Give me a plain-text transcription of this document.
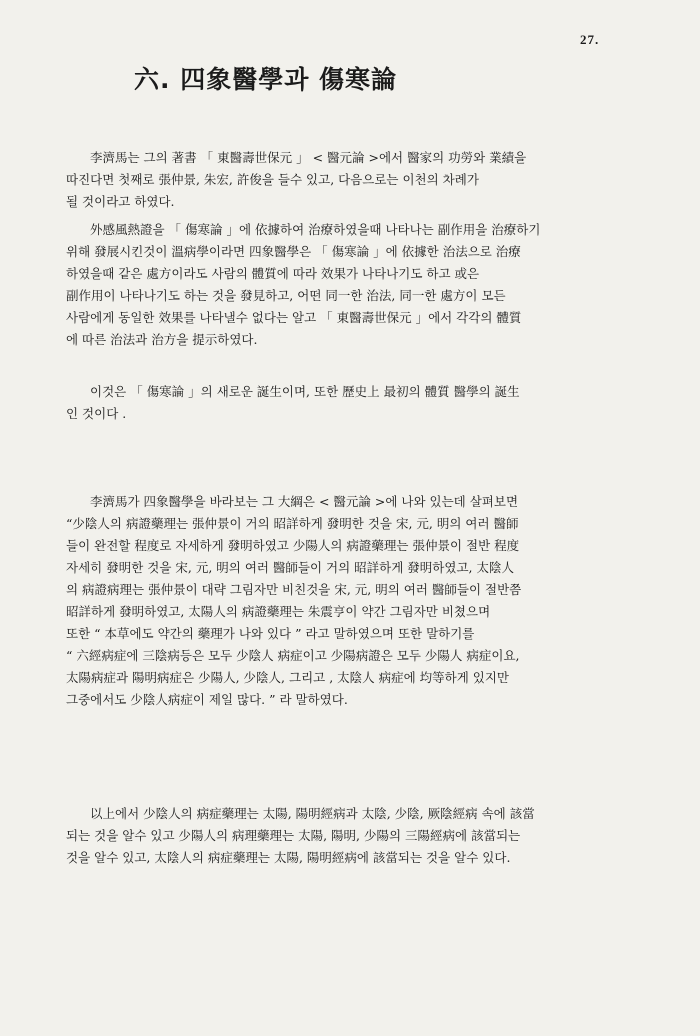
27.
六. 四象醫學과 傷寒論
李濟馬는 그의 著書 「 東醫壽世保元 」 < 醫元論 >에서 醫家의 功勞와 業績을
따진다면 첫째로 張仲景, 朱宏, 許俊을 들수 있고, 다음으로는 이천의 차례가
될 것이라고 하였다.
外感風熱證을 「 傷寒論 」에 依據하여 治療하였을때 나타나는 副作用을 治療하기
위해 發展시킨것이 溫病學이라면 四象醫學은 「 傷寒論 」에 依據한 治法으로 治療
하였을때 같은 處方이라도 사람의 體質에 따라 效果가 나타나기도 하고 或은
副作用이 나타나기도 하는 것을 發見하고, 어떤 同一한 治法, 同一한 處方이 모든
사람에게 동일한 效果를 나타낼수 없다는 알고 「 東醫壽世保元 」에서 각각의 體質
에 따른 治法과 治方을 提示하였다.
이것은 「 傷寒論 」의 새로운 誕生이며, 또한 歷史上 最初의 體質 醫學의 誕生
인 것이다 .
李濟馬가 四象醫學을 바라보는 그 大綱은 < 醫元論 >에 나와 있는데 살펴보면
“少陰人의 病證藥理는 張仲景이 거의 昭詳하게 發明한 것을 宋, 元, 明의 여러 醫師
들이 완전할 程度로 자세하게 發明하였고 少陽人의 病證藥理는 張仲景이 절반 程度
자세히 發明한 것을 宋, 元, 明의 여러 醫師들이 거의 昭詳하게 發明하였고, 太陰人
의 病證病理는 張仲景이 대략 그림자만 비친것을 宋, 元, 明의 여러 醫師들이 절반쯤
昭詳하게 發明하였고, 太陽人의 病證藥理는 朱震亨이 약간 그림자만 비쳤으며
또한 “ 本草에도 약간의 藥理가 나와 있다 ” 라고 말하였으며 또한 말하기를
“ 六經病症에 三陰病등은 모두 少陰人 病症이고 少陽病證은 모두 少陽人 病症이요,
太陽病症과 陽明病症은 少陽人, 少陰人, 그리고 , 太陰人 病症에 均等하게 있지만
그중에서도 少陰人病症이 제일 많다. ” 라 말하였다.
以上에서 少陰人의 病症藥理는 太陽, 陽明經病과 太陰, 少陰, 厥陰經病 속에 該當
되는 것을 알수 있고 少陽人의 病理藥理는 太陽, 陽明, 少陽의 三陽經病에 該當되는
것을 알수 있고, 太陰人의 病症藥理는 太陽, 陽明經病에 該當되는 것을 알수 있다.
